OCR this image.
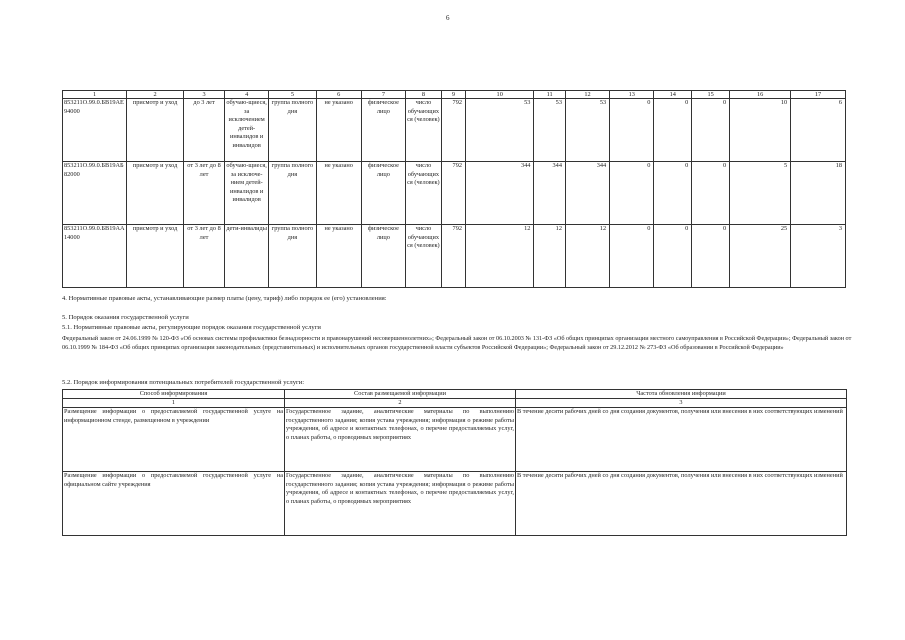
6
1	2	3	4	5	6	7	8	9	10	11	12	13	14	15	16	17
853211О.99.0.БВ19АЕ94000	присмотр и уход	до 3 лет	обучаю-щиеся, за исключением детей-инвалидов и инвалидов	группа полного дня	не указано	физическое лицо	число обучающихся (человек)	792	53	53	53	0	0	0	10	6
853211О.99.0.БВ19АБ82000	присмотр и уход	от 3 лет до 8 лет	обучаю-щиеся, за исключе-нием детей-инвалидов и инвалидов	группа полного дня	не указано	физическое лицо	число обучающихся (человек)	792	344	344	344	0	0	0	5	18
853211О.99.0.БВ19АА14000	присмотр и уход	от 3 лет до 8 лет	дети-инвалиды	группа полного дня	не указано	физическое лицо	число обучающихся (человек)	792	12	12	12	0	0	0	25	3
4. Нормативные правовые акты, устанавливающие размер платы (цену, тариф) либо порядок ее (его) установления:
5. Порядок оказания государственной услуги
5.1. Нормативные правовые акты, регулирующие порядок оказания государственной услуги
Федеральный закон от 24.06.1999 № 120-ФЗ «Об основах системы профилактики безнадзорности и правонарушений несовершеннолетних»; Федеральный закон от 06.10.2003 № 131-ФЗ «Об общих принципах организации местного самоуправления в Российской Федерации»; Федеральный закон от 06.10.1999 № 184-ФЗ «Об общих принципах организации законодательных (представительных) и исполнительных органов государственной власти субъектов Российской Федерации»; Федеральный закон от 29.12.2012 № 273-ФЗ «Об образовании в Российской Федерации»
5.2. Порядок информирования потенциальных потребителей государственной услуги:
Способ информирования	Состав размещаемой информации	Частота обновления информации
1	2	3
Размещение информации о предоставляемой государственной услуге на информационном стенде, размещенном в учреждении	Государственное задание, аналитические материалы по выполнению государственного задания; копия устава учреждения; информация о режиме работы учреждения, об адресе и контактных телефонах, о перечне предоставляемых услуг, о планах работы, о проводимых мероприятиях	В течение десяти рабочих дней со дня создания документов, получения или внесения в них соответствующих изменений
Размещение информации о предоставляемой государственной услуге на официальном сайте учреждения	Государственное задание, аналитические материалы по выполнению государственного задания; копия устава учреждения; информация о режиме работы учреждения, об адресе и контактных телефонах, о перечне предоставляемых услуг, о планах работы, о проводимых мероприятиях	В течение десяти рабочих дней со дня создания документов, получения или внесения в них соответствующих изменений
